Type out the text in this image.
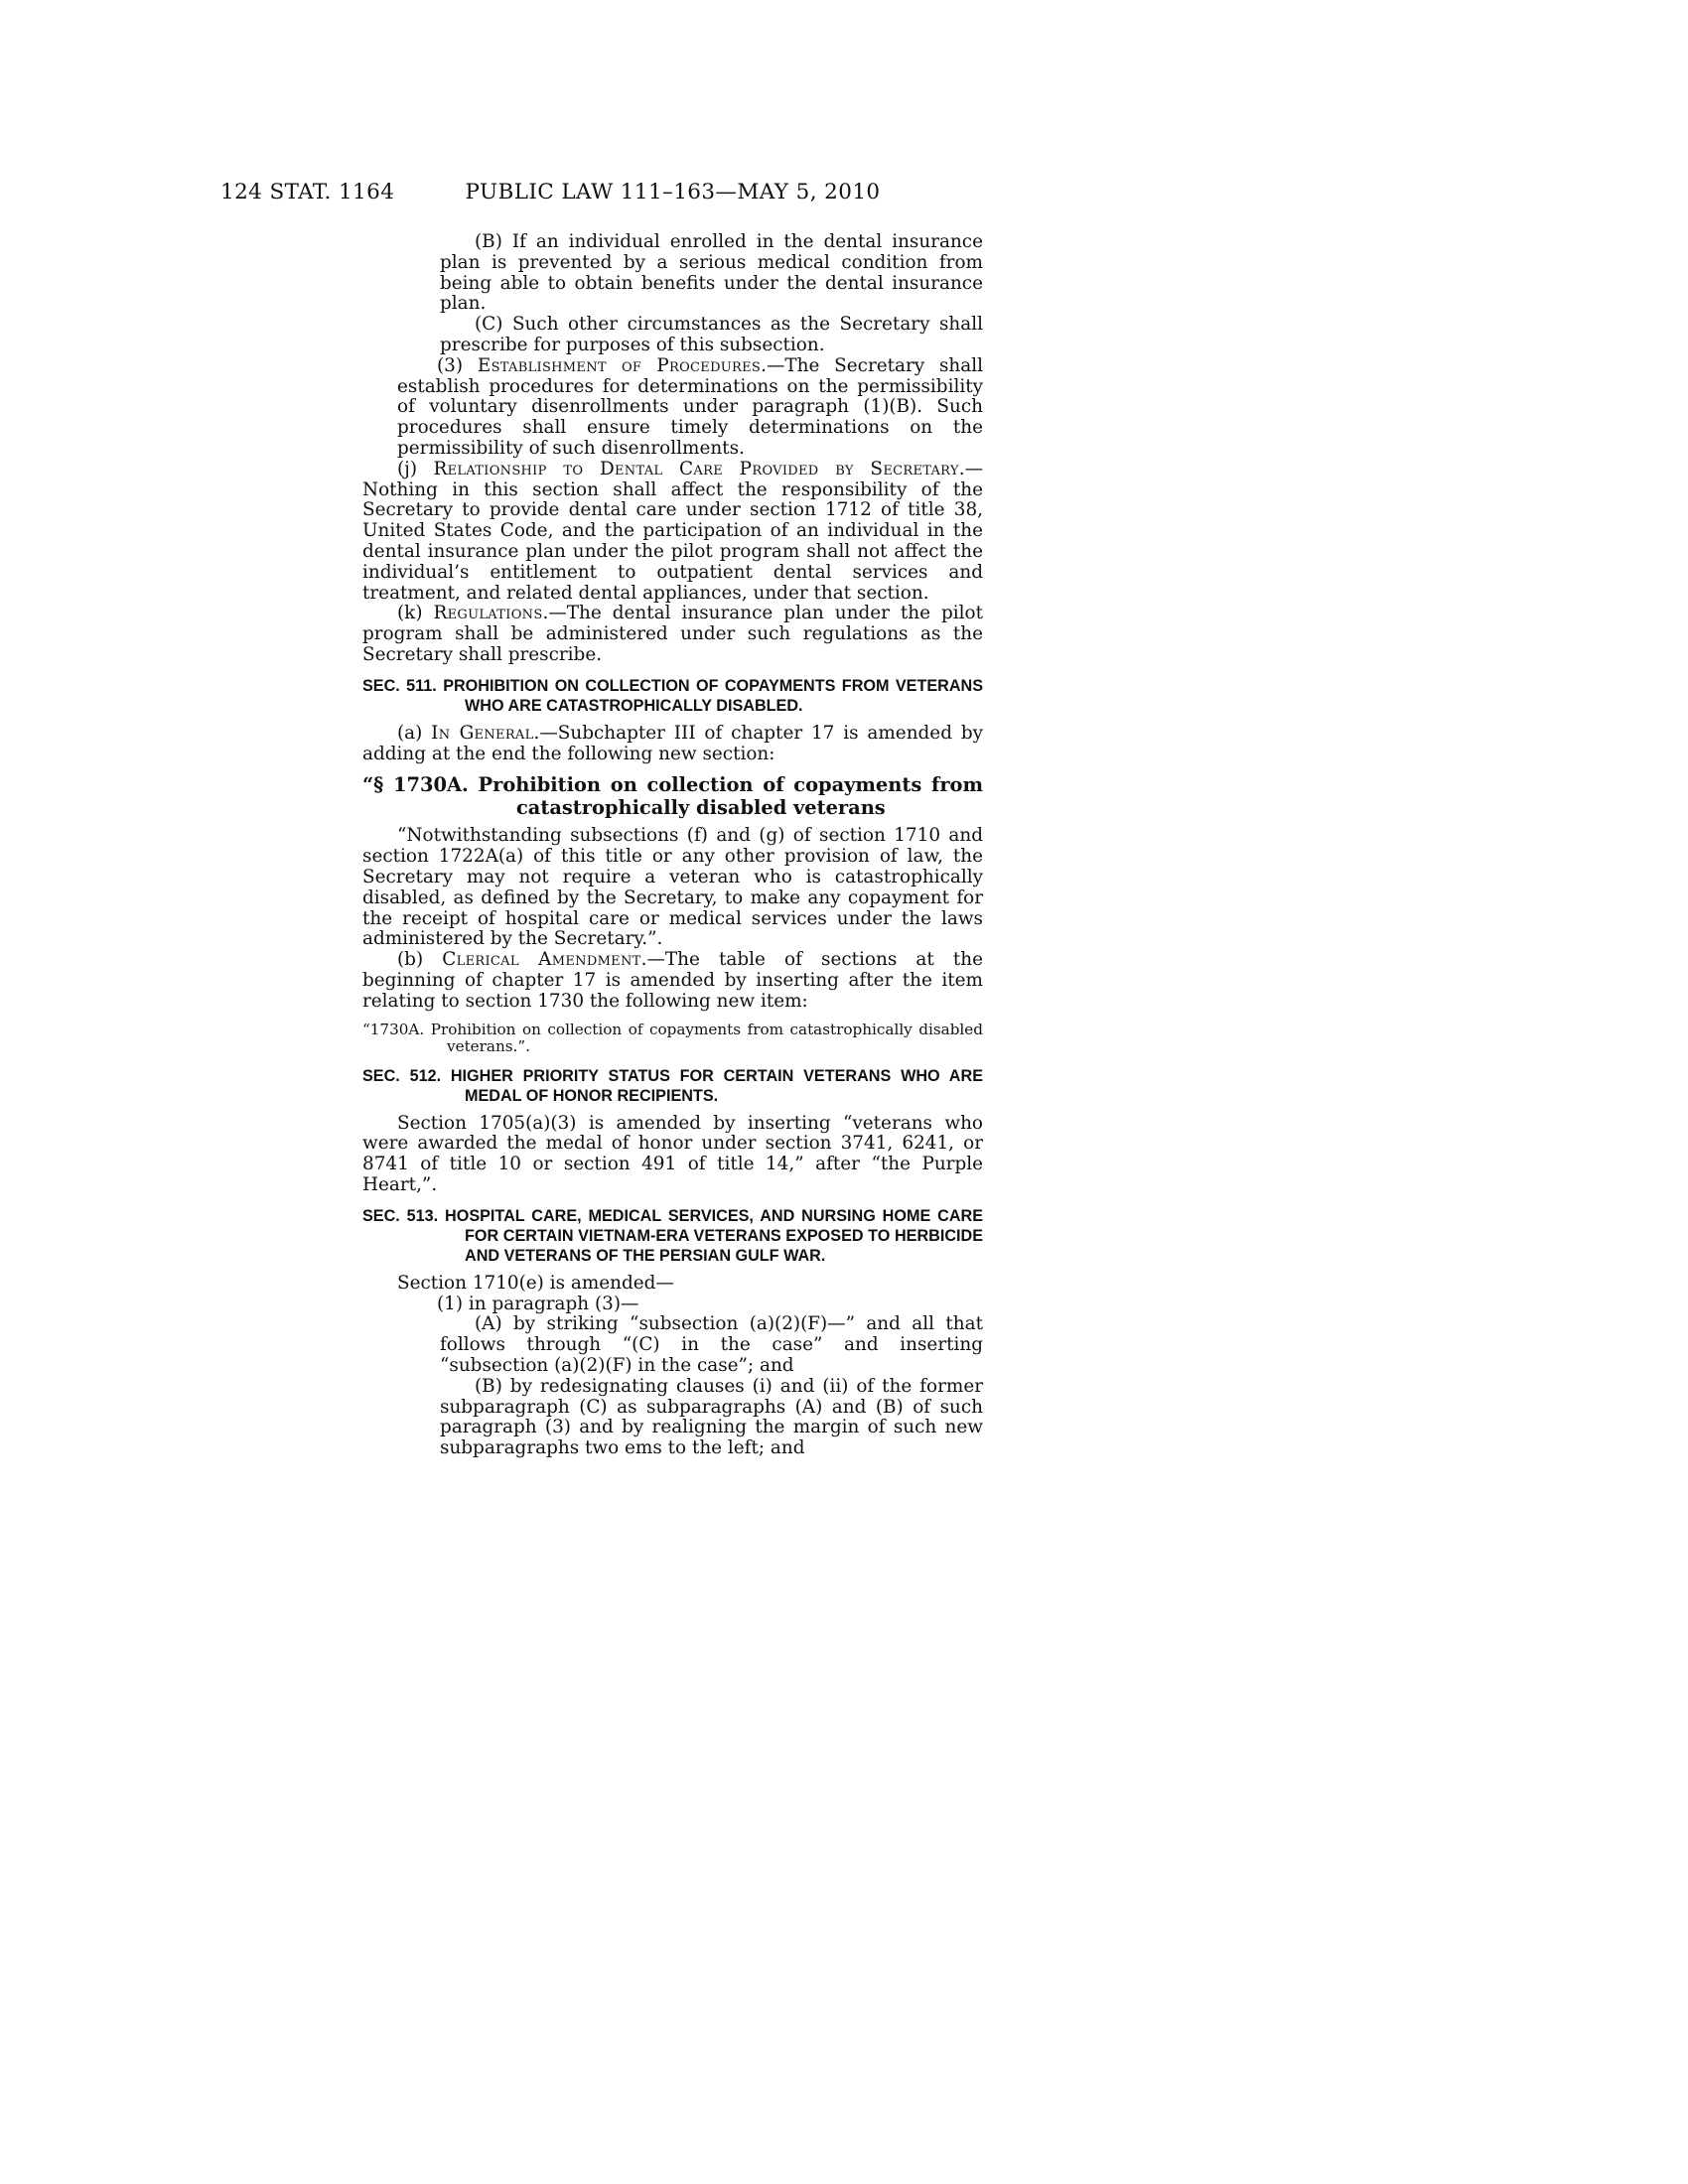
124 STAT. 1164	PUBLIC LAW 111–163—MAY 5, 2010

(B) If an individual enrolled in the dental insurance plan is prevented by a serious medical condition from being able to obtain benefits under the dental insurance plan.

(C) Such other circumstances as the Secretary shall prescribe for purposes of this subsection.

(3) Establishment of Procedures.—The Secretary shall establish procedures for determinations on the permissibility of voluntary disenrollments under paragraph (1)(B). Such procedures shall ensure timely determinations on the permissibility of such disenrollments.

(j) Relationship to Dental Care Provided by Secretary.—Nothing in this section shall affect the responsibility of the Secretary to provide dental care under section 1712 of title 38, United States Code, and the participation of an individual in the dental insurance plan under the pilot program shall not affect the individual’s entitlement to outpatient dental services and treatment, and related dental appliances, under that section.

(k) Regulations.—The dental insurance plan under the pilot program shall be administered under such regulations as the Secretary shall prescribe.

SEC. 511. PROHIBITION ON COLLECTION OF COPAYMENTS FROM VETERANS WHO ARE CATASTROPHICALLY DISABLED.

(a) In General.—Subchapter III of chapter 17 is amended by adding at the end the following new section:

“§ 1730A. Prohibition on collection of copayments from catastrophically disabled veterans

“Notwithstanding subsections (f) and (g) of section 1710 and section 1722A(a) of this title or any other provision of law, the Secretary may not require a veteran who is catastrophically disabled, as defined by the Secretary, to make any copayment for the receipt of hospital care or medical services under the laws administered by the Secretary.”.

(b) Clerical Amendment.—The table of sections at the beginning of chapter 17 is amended by inserting after the item relating to section 1730 the following new item:

“1730A. Prohibition on collection of copayments from catastrophically disabled veterans.”.

SEC. 512. HIGHER PRIORITY STATUS FOR CERTAIN VETERANS WHO ARE MEDAL OF HONOR RECIPIENTS.

Section 1705(a)(3) is amended by inserting “veterans who were awarded the medal of honor under section 3741, 6241, or 8741 of title 10 or section 491 of title 14,” after “the Purple Heart,”.

SEC. 513. HOSPITAL CARE, MEDICAL SERVICES, AND NURSING HOME CARE FOR CERTAIN VIETNAM-ERA VETERANS EXPOSED TO HERBICIDE AND VETERANS OF THE PERSIAN GULF WAR.

Section 1710(e) is amended—

(1) in paragraph (3)—

(A) by striking “subsection (a)(2)(F)—” and all that follows through “(C) in the case” and inserting “subsection (a)(2)(F) in the case”; and

(B) by redesignating clauses (i) and (ii) of the former subparagraph (C) as subparagraphs (A) and (B) of such paragraph (3) and by realigning the margin of such new subparagraphs two ems to the left; and
